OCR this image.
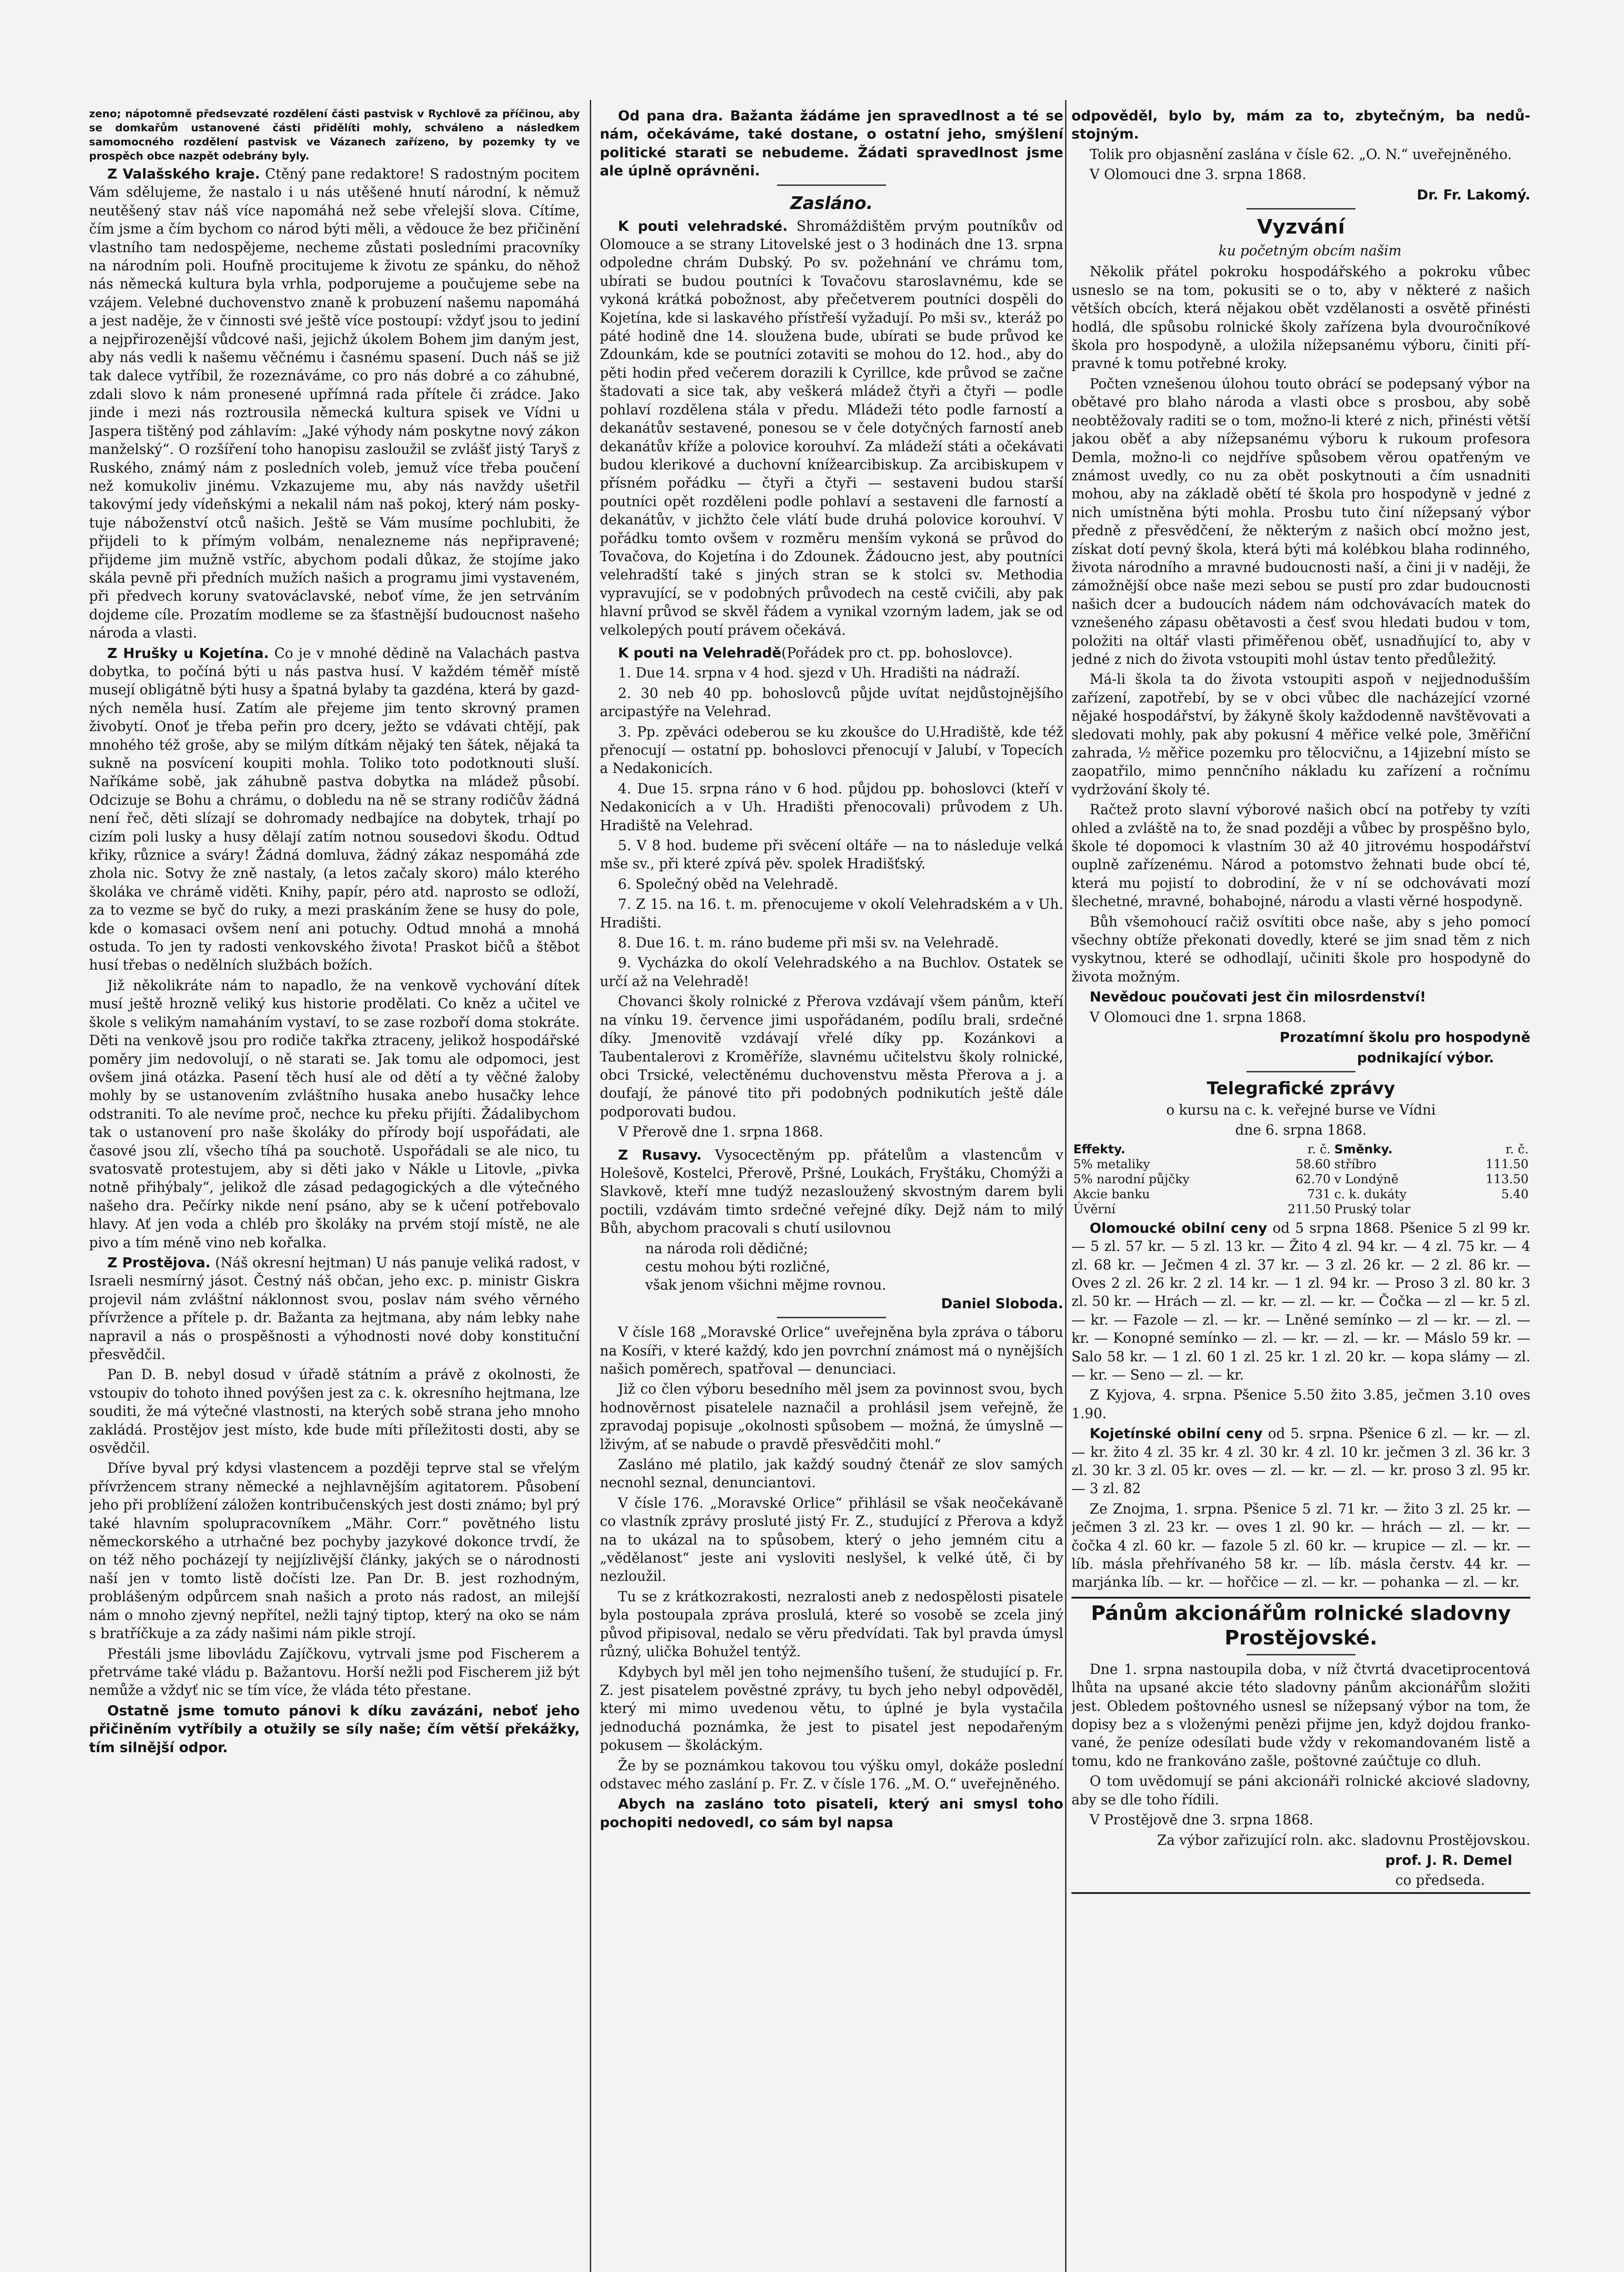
zeno; nápotomně předsevzaté rozdělení části pastvisk v Rychlově za příčinou, aby se domkařům ustanovené části přidělíti mohly, schváleno a následkem samomocného rozdělení pastvisk ve Vázanech zařízeno, by pozemky ty ve prospěch obce nazpět odebrány byly.

Z Valašského kraje. Ctěný pane redaktore! S radostným pocitem Vám sdělujeme, že nastalo i u nás utěšené hnutí národní, k němuž neutěšený stav náš více napomáhá než sebe vřelejší slova. Cítíme, čím jsme a čím bychom co národ býti měli, a vědouce že bez přičinění vlastního tam nedospějeme, necheme zůstati posledními pracovníky na národním poli. Houfně procitujeme k životu ze spánku, do něhož nás německá kultura byla vrhla, podporujeme a poučujeme sebe na vzájem. Velebné duchovenstvo znaně k probuzení našemu napomáhá a jest naděje, že v činnosti své ještě více postoupí: vždyť jsou to jediní a nejpřirozenější vůdcové naši, jejichž úkolem Bohem jim daným jest, aby nás vedli k našemu věčnému i časnému spasení. Duch náš se již tak dalece vytříbil, že rozeznáváme, co pro nás dobré a co záhubné, zdali slovo k nám pronesené upřímná rada přítele či zrádce. Jako jinde i mezi nás roztrousila německá kultura spisek ve Vídni u Jaspera tištěný pod záhlavím: „Jaké výhody nám poskytne nový zákon manželský“. O rozšíření toho hanopisu zasloužil se zvlášť jistý Taryš z Ruského, známý nám z posledních voleb, jemuž více třeba poučení než komukoliv jinému. Vzkazujeme mu, aby nás navždy ušetřil takovýmí jedy vídeňskými a nekalil nám naš pokoj, který nám poskytuje náboženství otců našich. Ještě se Vám musíme pochlubiti, že přijdeli to k přímým volbám, nenalezneme nás nepřipravené; přijdeme jim mužně vstříc, abychom podali důkaz, že stojíme jako skála pevně při předních mužích našich a programu jimi vystaveném, při předvech koruny svatováclavské, neboť víme, že jen setrváním dojdeme cíle. Prozatím modleme se za šťastnější budoucnost našeho národa a vlasti.

Z Hrušky u Kojetína. Co je v mnohé dědině na Valachách pastva dobytka, to počíná býti u nás pastva husí. V každém téměř místě musejí obligátně býti husy a špatná bylaby ta gazdéna, která by gazdných neměla husí. Zatím ale přejeme jim tento skrovný pramen živobytí. Onoť je třeba peřin pro dcery, ježto se vdávati chtějí, pak mnohého též groše, aby se milým dítkám nějaký ten šátek, nějaká ta sukně na posvícení koupiti mohla. Toliko toto podotknouti sluší. Naříkáme sobě, jak záhubně pastva dobytka na mládež působí. Odcizuje se Bohu a chrámu, o dobledu na ně se strany rodičův žádná není řeč, děti slízají se dohromady nedbajíce na dobytek, trhají po cizím poli lusky a husy dělají zatím notnou sousedovi škodu. Odtud křiky, různice a sváry! Žádná domluva, žádný zákaz nespomáhá zde zhola nic. Sotvy že zně nastaly, (a letos začaly skoro) málo kterého školáka ve chrámě viděti. Knihy, papír, péro atd. naprosto se odloží, za to vezme se byč do ruky, a mezi praskáním žene se husy do pole, kde o komasaci ovšem není ani potuchy. Odtud mnohá a mnohá ostuda. To jen ty radosti venkovského života! Praskot bičů a štěbot husí třebas o nedělních službách božích.

Již několikráte nám to napadlo, že na venkově vychování dítek musí ještě hrozně veliký kus historie prodělati. Co kněz a učitel ve škole s velikým namaháním vystaví, to se zase rozboří doma stokráte. Děti na venkově jsou pro rodiče takřka ztraceny, jelikož hospodářské poměry jim nedovolují, o ně starati se. Jak tomu ale odpomoci, jest ovšem jiná otázka. Pasení těch husí ale od dětí a ty věčné žaloby mohly by se ustanovením zvláštního husaka anebo husačky lehce odstraniti. To ale nevíme proč, nechce ku překu přijíti. Žádalibychom tak o ustanovení pro naše školáky do přírody bojí uspořádati, ale časové jsou zlí, všecho tíhá pa souchotě. Uspořádali se ale nico, tu svatosvatě protestujem, aby si děti jako v Nákle u Litovle, „pivka notně přihýbaly“, jelikož dle zásad pedagogických a dle výtečného našeho dra. Pečírky nikde není psáno, aby se k učení potřebovalo hlavy. Ať jen voda a chléb pro školáky na prvém stojí místě, ne ale pivo a tím méně vino neb kořalka.

Z Prostějova. (Náš okresní hejtman) U nás panuje veliká radost, v Israeli nesmírný jásot. Čestný náš občan, jeho exc. p. ministr Giskra projevil nám zvláštní náklonnost svou, poslav nám svého věrného přívržence a přítele p. dr. Bažanta za hejtmana, aby nám lebky nahe napravil a nás o prospěšnosti a výhodnosti nové doby konstituční přesvědčil.

Pan D. B. nebyl dosud v úřadě státním a právě z okolnosti, že vstoupiv do tohoto ihned povýšen jest za c. k. okresního hejtmana, lze souditi, že má výtečné vlastnosti, na kterých sobě strana jeho mnoho zakládá. Prostějov jest místo, kde bude míti příležitosti dosti, aby se osvědčil.

Dříve byval prý kdysi vlastencem a později teprve stal se vřelým přívržencem strany německé a nejhlavnějším agitatorem. Působení jeho při problížení záložen kontribučenských jest dosti známo; byl prý také hlavním spolupracovníkem „Mähr. Corr.“ povětného listu německorského a utrhačné bez pochyby jazykové dokonce trvdí, že on též něho pocházejí ty nejjízlivější články, jakých se o národnosti naší jen v tomto listě dočísti lze. Pan Dr. B. jest rozhodným, problášeným odpůrcem snah našich a proto nás radost, an milejší nám o mnoho zjevný nepřítel, nežli tajný tiptop, který na oko se nám s bratříčkuje a za zády našimi nám pikle strojí.

Přestáli jsme libovládu Zajíčkovu, vytrvali jsme pod Fischerem a přetrváme také vládu p. Bažantovu. Horší nežli pod Fischerem již být nemůže a vždyť nic se tím více, že vláda této přestane.

Ostatně jsme tomuto pánovi k díku zavázáni, neboť jeho přičiněním vytříbily a otužily se síly naše; čím větší překážky, tím silnější odpor.

Od pana dra. Bažanta žádáme jen spravedlnost a té se nám, očekáváme, také dostane, o ostatní jeho, smýšlení politické starati se nebudeme. Žádati spravedlnost jsme ale úplně oprávněni.

Zasláno.

K pouti velehradské. Shromáždištěm prvým poutníkův od Olomouce a se strany Litovelské jest o 3 hodinách dne 13. srpna odpoledne chrám Dubský. Po sv. požehnání ve chrámu tom, ubírati se budou poutníci k Tovačovu staroslavnému, kde se vykoná krátká pobožnost, aby přečetverem poutníci dospěli do Kojetína, kde si laskavého přístřeší vyžadují. Po mši sv., kteráž po páté hodině dne 14. sloužena bude, ubírati se bude průvod ke Zdounkám, kde se poutníci zotaviti se mohou do 12. hod., aby do pěti hodin před večerem dorazili k Cyrillce, kde průvod se začne štadovati a sice tak, aby veškerá mládež čtyři a čtyři — podle pohlaví rozdělena stála v předu. Mládeži této podle farností a dekanátův sestavené, ponesou se v čele dotyčných farností aneb dekanátův kříže a polovice korouhví. Za mládeží státi a očekávati budou klerikové a duchovní knížearcibiskup. Za arcibiskupem v přísném pořádku — čtyři a čtyři — sestaveni budou starší poutníci opět rozděleni podle pohlaví a sestaveni dle farností a dekanátův, v jichžto čele vlátí bude druhá polovice korouhví. V pořádku tomto ovšem v rozměru menším vykoná se průvod do Tovačova, do Kojetína i do Zdounek. Žádoucno jest, aby poutníci velehradští také s jiných stran se k stolci sv. Methodia vypravující, se v podobných průvodech na cestě cvičili, aby pak hlavní průvod se skvěl řádem a vynikal vzorným ladem, jak se od velkolepých poutí právem očekává.

K pouti na Velehradě(Pořádek pro ct. pp. bohoslovce).

1. Due 14. srpna v 4 hod. sjezd v Uh. Hradišti na nádraží.

2. 30 neb 40 pp. bohoslovců půjde uvítat nejdůstojnějšího arcipastýře na Velehrad.

3. Pp. zpěváci odeberou se ku zkoušce do U.Hradiště, kde též přenocují — ostatní pp. bohoslovci přenocují v Jalubí, v Topecích a Nedakonicích.

4. Due 15. srpna ráno v 6 hod. půjdou pp. bohoslovci (kteří v Nedakonicích a v Uh. Hradišti přenocovali) průvodem z Uh. Hradiště na Velehrad.

5. V 8 hod. budeme při svěcení oltáře — na to následuje velká mše sv., při které zpívá pěv. spolek Hradišťský.

6. Společný oběd na Velehradě.

7. Z 15. na 16. t. m. přenocujeme v okolí Velehradském a v Uh. Hradišti.

8. Due 16. t. m. ráno budeme při mši sv. na Velehradě.

9. Vycházka do okolí Velehradského a na Buchlov. Ostatek se určí až na Velehradě!

Chovanci školy rolnické z Přerova vzdávají všem pánům, kteří na vínku 19. července jimi uspořádaném, podílu brali, srdečné díky. Jmenovitě vzdávají vřelé díky pp. Kozánkovi a Taubentalerovi z Kroměříže, slavnému učitelstvu školy rolnické, obci Trsické, velectěnému duchovenstvu města Přerova a j. a doufají, že pánové tito při podobných podnikutích ještě dále podporovati budou.

V Přerově dne 1. srpna 1868.

Z Rusavy. Vysocectěným pp. přátelům a vlastencům v Holešově, Kostelci, Přerově, Pršné, Loukách, Fryštáku, Chomýži a Slavkově, kteří mne tudýž nezasloužený skvostným darem byli poctili, vzdávám timto srdečné veřejné díky. Dejž nám to milý Bůh, abychom pracovali s chutí usilovnou

na národa roli dědičné;
cestu mohou býti rozličné,
však jenom všichni mějme rovnou.

Daniel Sloboda.

V čísle 168 „Moravské Orlice“ uveřejněna byla zpráva o táboru na Kosíři, v které každý, kdo jen povrchní známost má o nynějších našich poměrech, spatřoval — denunciaci.

Již co člen výboru besedního měl jsem za povinnost svou, bych hodnověrnost pisatelele naznačil a prohlásil jsem veřejně, že zpravodaj popisuje „okolnosti spůsobem — možná, že úmyslně — lživým, ať se nabude o pravdě přesvědčiti mohl.“

Zasláno mé platilo, jak každý soudný čtenář ze slov samých necnohl seznal, denunciantovi.

V čísle 176. „Moravské Orlice“ přihlásil se však neočekávaně co vlastník zprávy prosluté jistý Fr. Z., studující z Přerova a když na to ukázal na to spůsobem, který o jeho jemném citu a „vědělanost“ jeste ani vysloviti neslyšel, k velké útě, či by nezloužil.

Tu se z krátkozrakosti, nezralosti aneb z nedospělosti pisatele byla postoupala zpráva proslulá, které so vosobě se zcela jiný původ připisoval, nedalo se věru předvídati. Tak byl pravda úmysl různý, ulička Bohužel tentýž.

Kdybych byl měl jen toho nejmenšího tušení, že studující p. Fr. Z. jest pisatelem pověstné zprávy, tu bych jeho nebyl odpověděl, který mi mimo uvedenou větu, to úplné je byla vystačila jednoduchá poznámka, že jest to pisatel jest nepodařeným pokusem — školáckým.

Že by se poznámkou takovou tou výšku omyl, dokáže poslední odstavec mého zaslání p. Fr. Z. v čísle 176. „M. O.“ uveřejněného.

Abych na zasláno toto pisateli, který ani smysl toho pochopiti nedovedl, co sám byl napsa

odpověděl, bylo by, mám za to, zbytečným, ba nedůstojným.

Tolik pro objasnění zaslána v čísle 62. „O. N.“ uveřejněného.

V Olomouci dne 3. srpna 1868.

Dr. Fr. Lakomý.

Vyzvání

ku početným obcím našim

Několik přátel pokroku hospodářského a pokroku vůbec usneslo se na tom, pokusiti se o to, aby v některé z našich větších obcích, která nějakou obět vzdělanosti a osvětě přinésti hodlá, dle spůsobu rolnické školy zařízena byla dvouročníkové škola pro hospodyně, a uložila nížepsanému výboru, činiti přípravné k tomu potřebné kroky.

Počten vznešenou úlohou touto obrácí se podepsaný výbor na obětavé pro blaho národa a vlasti obce s prosbou, aby sobě neobtěžovaly raditi se o tom, možno-li které z nich, přinésti větší jakou oběť a aby nížepsanému výboru k rukoum profesora Demla, možno-li co nejdříve spůsobem věrou opatřeným ve známost uvedly, co nu za obět poskytnouti a čím usnadniti mohou, aby na základě obětí té škola pro hospodyně v jedné z nich umístněna býti mohla. Prosbu tuto činí nížepsaný výbor předně z přesvědčení, že některým z našich obcí možno jest, získat dotí pevný škola, která býti má kolébkou blaha rodinného, života národního a mravné budoucnosti naší, a čini ji v naději, že zámožnější obce naše mezi sebou se pustí pro zdar budoucnosti našich dcer a budoucích nádem nám odchovávacích matek do vznešeného zápasu obětavosti a česť svou hledati budou v tom, položiti na oltář vlasti přiměřenou oběť, usnadňující to, aby v jedné z nich do života vstoupiti mohl ústav tento předůležitý.

Má-li škola ta do života vstoupiti aspoň v nejjednodušším zařízení, zapotřebí, by se v obci vůbec dle nacházející vzorné nějaké hospodářství, by žákyně školy každodenně navštěvovati a sledovati mohly, pak aby pokusní 4 měřice velké pole, 3měřiční zahrada, ½ měřice pozemku pro tělocvičnu, a 14jizební místo se zaopatřilo, mimo pennčního nákladu ku zařízení a ročnímu vydržování školy té.

Račtež proto slavní výborové našich obcí na potřeby ty vzíti ohled a zvláště na to, že snad později a vůbec by prospěšno bylo, škole té dopomoci k vlastním 30 až 40 jitrovému hospodářství ouplně zařízenému. Národ a potomstvo žehnati bude obcí té, která mu pojistí to dobrodiní, že v ní se odchovávati mozí šlechetné, mravné, bohabojné, národu a vlasti věrné hospodyně.

Bůh všemohoucí račiž osvítiti obce naše, aby s jeho pomocí všechny obtíže překonati dovedly, které se jim snad těm z nich vyskytnou, které se odhodlají, učiniti škole pro hospodyně do života možným.

Nevědouc poučovati jest čin milosrdenství!

V Olomouci dne 1. srpna 1868.

Prozatímní školu pro hospodyně

podnikající výbor.

Telegrafické zprávy

o kursu na c. k. veřejné burse ve Vídni

dne 6. srpna 1868.

Effekty.	r. č.	Směnky.	r. č.
5% metaliky	58.60	stříbro	111.50
5% narodní půjčky	62.70	v Londýně	113.50
Akcie banku	731	c. k. dukáty	5.40
Úvěrní	211.50	Pruský tolar	

Olomoucké obilní ceny od 5 srpna 1868. Pšenice 5 zl 99 kr. — 5 zl. 57 kr. — 5 zl. 13 kr. — Žito 4 zl. 94 kr. — 4 zl. 75 kr. — 4 zl. 68 kr. — Ječmen 4 zl. 37 kr. — 3 zl. 26 kr. — 2 zl. 86 kr. — Oves 2 zl. 26 kr. 2 zl. 14 kr. — 1 zl. 94 kr. — Proso 3 zl. 80 kr. 3 zl. 50 kr. — Hrách — zl. — kr. — zl. — kr. — Čočka — zl — kr. 5 zl. — kr. — Fazole — zl. — kr. — Lněné semínko — zl — kr. — zl. — kr. — Konopné semínko — zl. — kr. — zl. — kr. — Máslo 59 kr. — Salo 58 kr. — 1 zl. 60 1 zl. 25 kr. 1 zl. 20 kr. — kopa slámy — zl. — kr. — Seno — zl. — kr.

Z Kyjova, 4. srpna. Pšenice 5.50 žito 3.85, ječmen 3.10 oves 1.90.

Kojetínské obilní ceny od 5. srpna. Pšenice 6 zl. — kr. — zl. — kr. žito 4 zl. 35 kr. 4 zl. 30 kr. 4 zl. 10 kr. ječmen 3 zl. 36 kr. 3 zl. 30 kr. 3 zl. 05 kr. oves — zl. — kr. — zl. — kr. proso 3 zl. 95 kr. — 3 zl. 82

Ze Znojma, 1. srpna. Pšenice 5 zl. 71 kr. — žito 3 zl. 25 kr. — ječmen 3 zl. 23 kr. — oves 1 zl. 90 kr. — hrách — zl. — kr. — čočka 4 zl. 60 kr. — fazole 5 zl. 60 kr. — krupice — zl. — kr. — líb. másla přehřívaného 58 kr. — líb. másla čerstv. 44 kr. — marjánka líb. — kr. — hořčice — zl. — kr. — pohanka — zl. — kr.

Pánům akcionářům rolnické sladovny
Prostějovské.

Dne 1. srpna nastoupila doba, v níž čtvrtá dvacetiprocentová lhůta na upsané akcie této sladovny pánům akcionářům složiti jest. Obledem poštovného usnesl se nížepsaný výbor na tom, že dopisy bez a s vloženými penězi přijme jen, když dojdou frankované, že peníze odesílati bude vždy v rekomandovaném listě a tomu, kdo ne frankováno zašle, poštovné zaúčtuje co dluh.

O tom uvědomují se páni akcionáři rolnické akciové sladovny, aby se dle toho řídili.

V Prostějově dne 3. srpna 1868.

Za výbor zařizující roln. akc. sladovnu Prostějovskou.

prof. J. R. Demel

co předseda.
